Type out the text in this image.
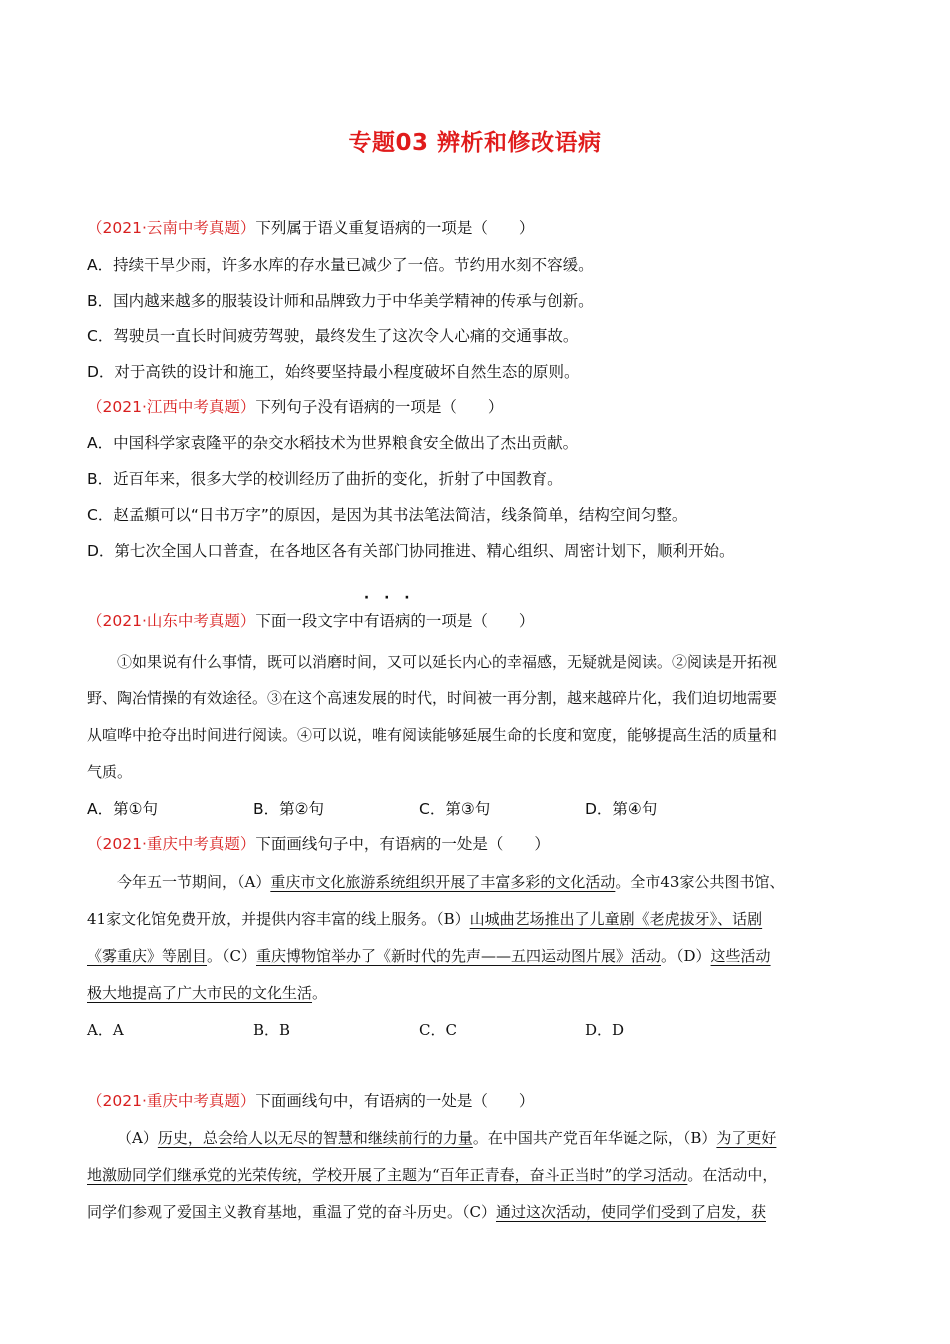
专题03 辨析和修改语病
（2021·云南中考真题）下列属于语义重复语病的一项是（　　）
A．持续干旱少雨，许多水库的存水量已减少了一倍。节约用水刻不容缓。
B．国内越来越多的服装设计师和品牌致力于中华美学精神的传承与创新。
C．驾驶员一直长时间疲劳驾驶，最终发生了这次令人心痛的交通事故。
D．对于高铁的设计和施工，始终要坚持最小程度破坏自然生态的原则。
（2021·江西中考真题）下列句子没有语病的一项是（　　）
A．中国科学家袁隆平的杂交水稻技术为世界粮食安全做出了杰出贡献。
B．近百年来，很多大学的校训经历了曲折的变化，折射了中国教育。
C．赵孟頫可以“日书万字”的原因，是因为其书法笔法简洁，线条简单，结构空间匀整。
D．第七次全国人口普查，在各地区各有关部门协同推进、精心组织、周密计划下，顺利开始。
（2021·山东中考真题）下面一段文字中
· · ·
有语病的一项是（　　）
①如果说有什么事情，既可以消磨时间，又可以延长内心的幸福感，无疑就是阅读。②阅读是开拓视
野、陶冶情操的有效途径。③在这个高速发展的时代，时间被一再分割，越来越碎片化，我们迫切地需要
从喧哗中抢夺出时间进行阅读。④可以说，唯有阅读能够延展生命的长度和宽度，能够提高生活的质量和
气质。
A．第①句	B．第②句	C．第③句	D．第④句
（2021·重庆中考真题）下面画线句子中，有语病的一处是（　　）
今年五一节期间，（A）重庆市文化旅游系统组织开展了丰富多彩的文化活动。全市43家公共图书馆、
41家文化馆免费开放，并提供内容丰富的线上服务。（B）山城曲艺场推出了儿童剧《老虎拔牙》、话剧
《雾重庆》等剧目。（C）重庆博物馆举办了《新时代的先声——五四运动图片展》活动。（D）这些活动
极大地提高了广大市民的文化生活。
A．A	B．B	C．C	D．D
（2021·重庆中考真题）下面画线句中，有语病的一处是（　　）
（A）历史，总会给人以无尽的智慧和继续前行的力量。在中国共产党百年华诞之际，（B）为了更好
地激励同学们继承党的光荣传统，学校开展了主题为“百年正青春，奋斗正当时”的学习活动。在活动中，
同学们参观了爱国主义教育基地，重温了党的奋斗历史。（C）通过这次活动，使同学们受到了启发，获
